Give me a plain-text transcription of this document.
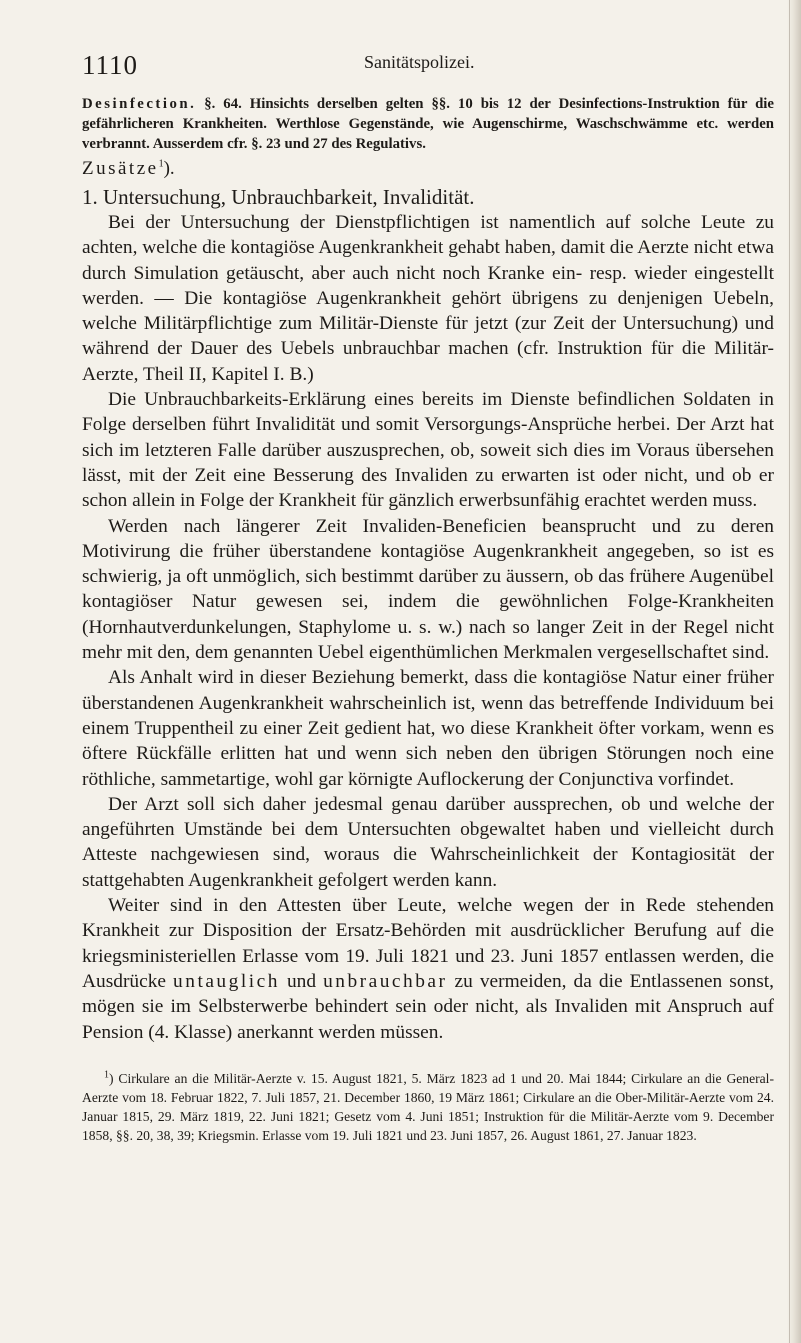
1110	Sanitätspolizei.

Desinfection. §. 64. Hinsichts derselben gelten §§. 10 bis 12 der Desinfections-Instruktion für die gefährlicheren Krankheiten. Werthlose Gegenstände, wie Augenschirme, Waschschwämme etc. werden verbrannt. Ausserdem cfr. §. 23 und 27 des Regulativs.

Zusätze$^1$).

1. Untersuchung, Unbrauchbarkeit, Invalidität.

Bei der Untersuchung der Dienstpflichtigen ist namentlich auf solche Leute zu achten, welche die kontagiöse Augenkrankheit gehabt haben, damit die Aerzte nicht etwa durch Simulation getäuscht, aber auch nicht noch Kranke ein- resp. wieder eingestellt werden. — Die kontagiöse Augenkrankheit gehört übrigens zu denjenigen Uebeln, welche Militärpflichtige zum Militär-Dienste für jetzt (zur Zeit der Untersuchung) und während der Dauer des Uebels unbrauchbar machen (cfr. Instruktion für die Militär-Aerzte, Theil II, Kapitel I. B.)

Die Unbrauchbarkeits-Erklärung eines bereits im Dienste befindlichen Soldaten in Folge derselben führt Invalidität und somit Versorgungs-Ansprüche herbei. Der Arzt hat sich im letzteren Falle darüber auszusprechen, ob, soweit sich dies im Voraus übersehen lässt, mit der Zeit eine Besserung des Invaliden zu erwarten ist oder nicht, und ob er schon allein in Folge der Krankheit für gänzlich erwerbsunfähig erachtet werden muss.

Werden nach längerer Zeit Invaliden-Beneficien beansprucht und zu deren Motivirung die früher überstandene kontagiöse Augenkrankheit angegeben, so ist es schwierig, ja oft unmöglich, sich bestimmt darüber zu äussern, ob das frühere Augenübel kontagiöser Natur gewesen sei, indem die gewöhnlichen Folge-Krankheiten (Hornhautverdunkelungen, Staphylome u. s. w.) nach so langer Zeit in der Regel nicht mehr mit den, dem genannten Uebel eigenthümlichen Merkmalen vergesellschaftet sind.

Als Anhalt wird in dieser Beziehung bemerkt, dass die kontagiöse Natur einer früher überstandenen Augenkrankheit wahrscheinlich ist, wenn das betreffende Individuum bei einem Truppentheil zu einer Zeit gedient hat, wo diese Krankheit öfter vorkam, wenn es öftere Rückfälle erlitten hat und wenn sich neben den übrigen Störungen noch eine röthliche, sammetartige, wohl gar körnigte Auflockerung der Conjunctiva vorfindet.

Der Arzt soll sich daher jedesmal genau darüber aussprechen, ob und welche der angeführten Umstände bei dem Untersuchten obgewaltet haben und vielleicht durch Atteste nachgewiesen sind, woraus die Wahrscheinlichkeit der Kontagiosität der stattgehabten Augenkrankheit gefolgert werden kann.

Weiter sind in den Attesten über Leute, welche wegen der in Rede stehenden Krankheit zur Disposition der Ersatz-Behörden mit ausdrücklicher Berufung auf die kriegsministeriellen Erlasse vom 19. Juli 1821 und 23. Juni 1857 entlassen werden, die Ausdrücke untauglich und unbrauchbar zu vermeiden, da die Entlassenen sonst, mögen sie im Selbsterwerbe behindert sein oder nicht, als Invaliden mit Anspruch auf Pension (4. Klasse) anerkannt werden müssen.

$^1$) Cirkulare an die Militär-Aerzte v. 15. August 1821, 5. März 1823 ad 1 und 20. Mai 1844; Cirkulare an die General-Aerzte vom 18. Februar 1822, 7. Juli 1857, 21. December 1860, 19 März 1861; Cirkulare an die Ober-Militär-Aerzte vom 24. Januar 1815, 29. März 1819, 22. Juni 1821; Gesetz vom 4. Juni 1851; Instruktion für die Militär-Aerzte vom 9. December 1858, §§. 20, 38, 39; Kriegsmin. Erlasse vom 19. Juli 1821 und 23. Juni 1857, 26. August 1861, 27. Januar 1823.
